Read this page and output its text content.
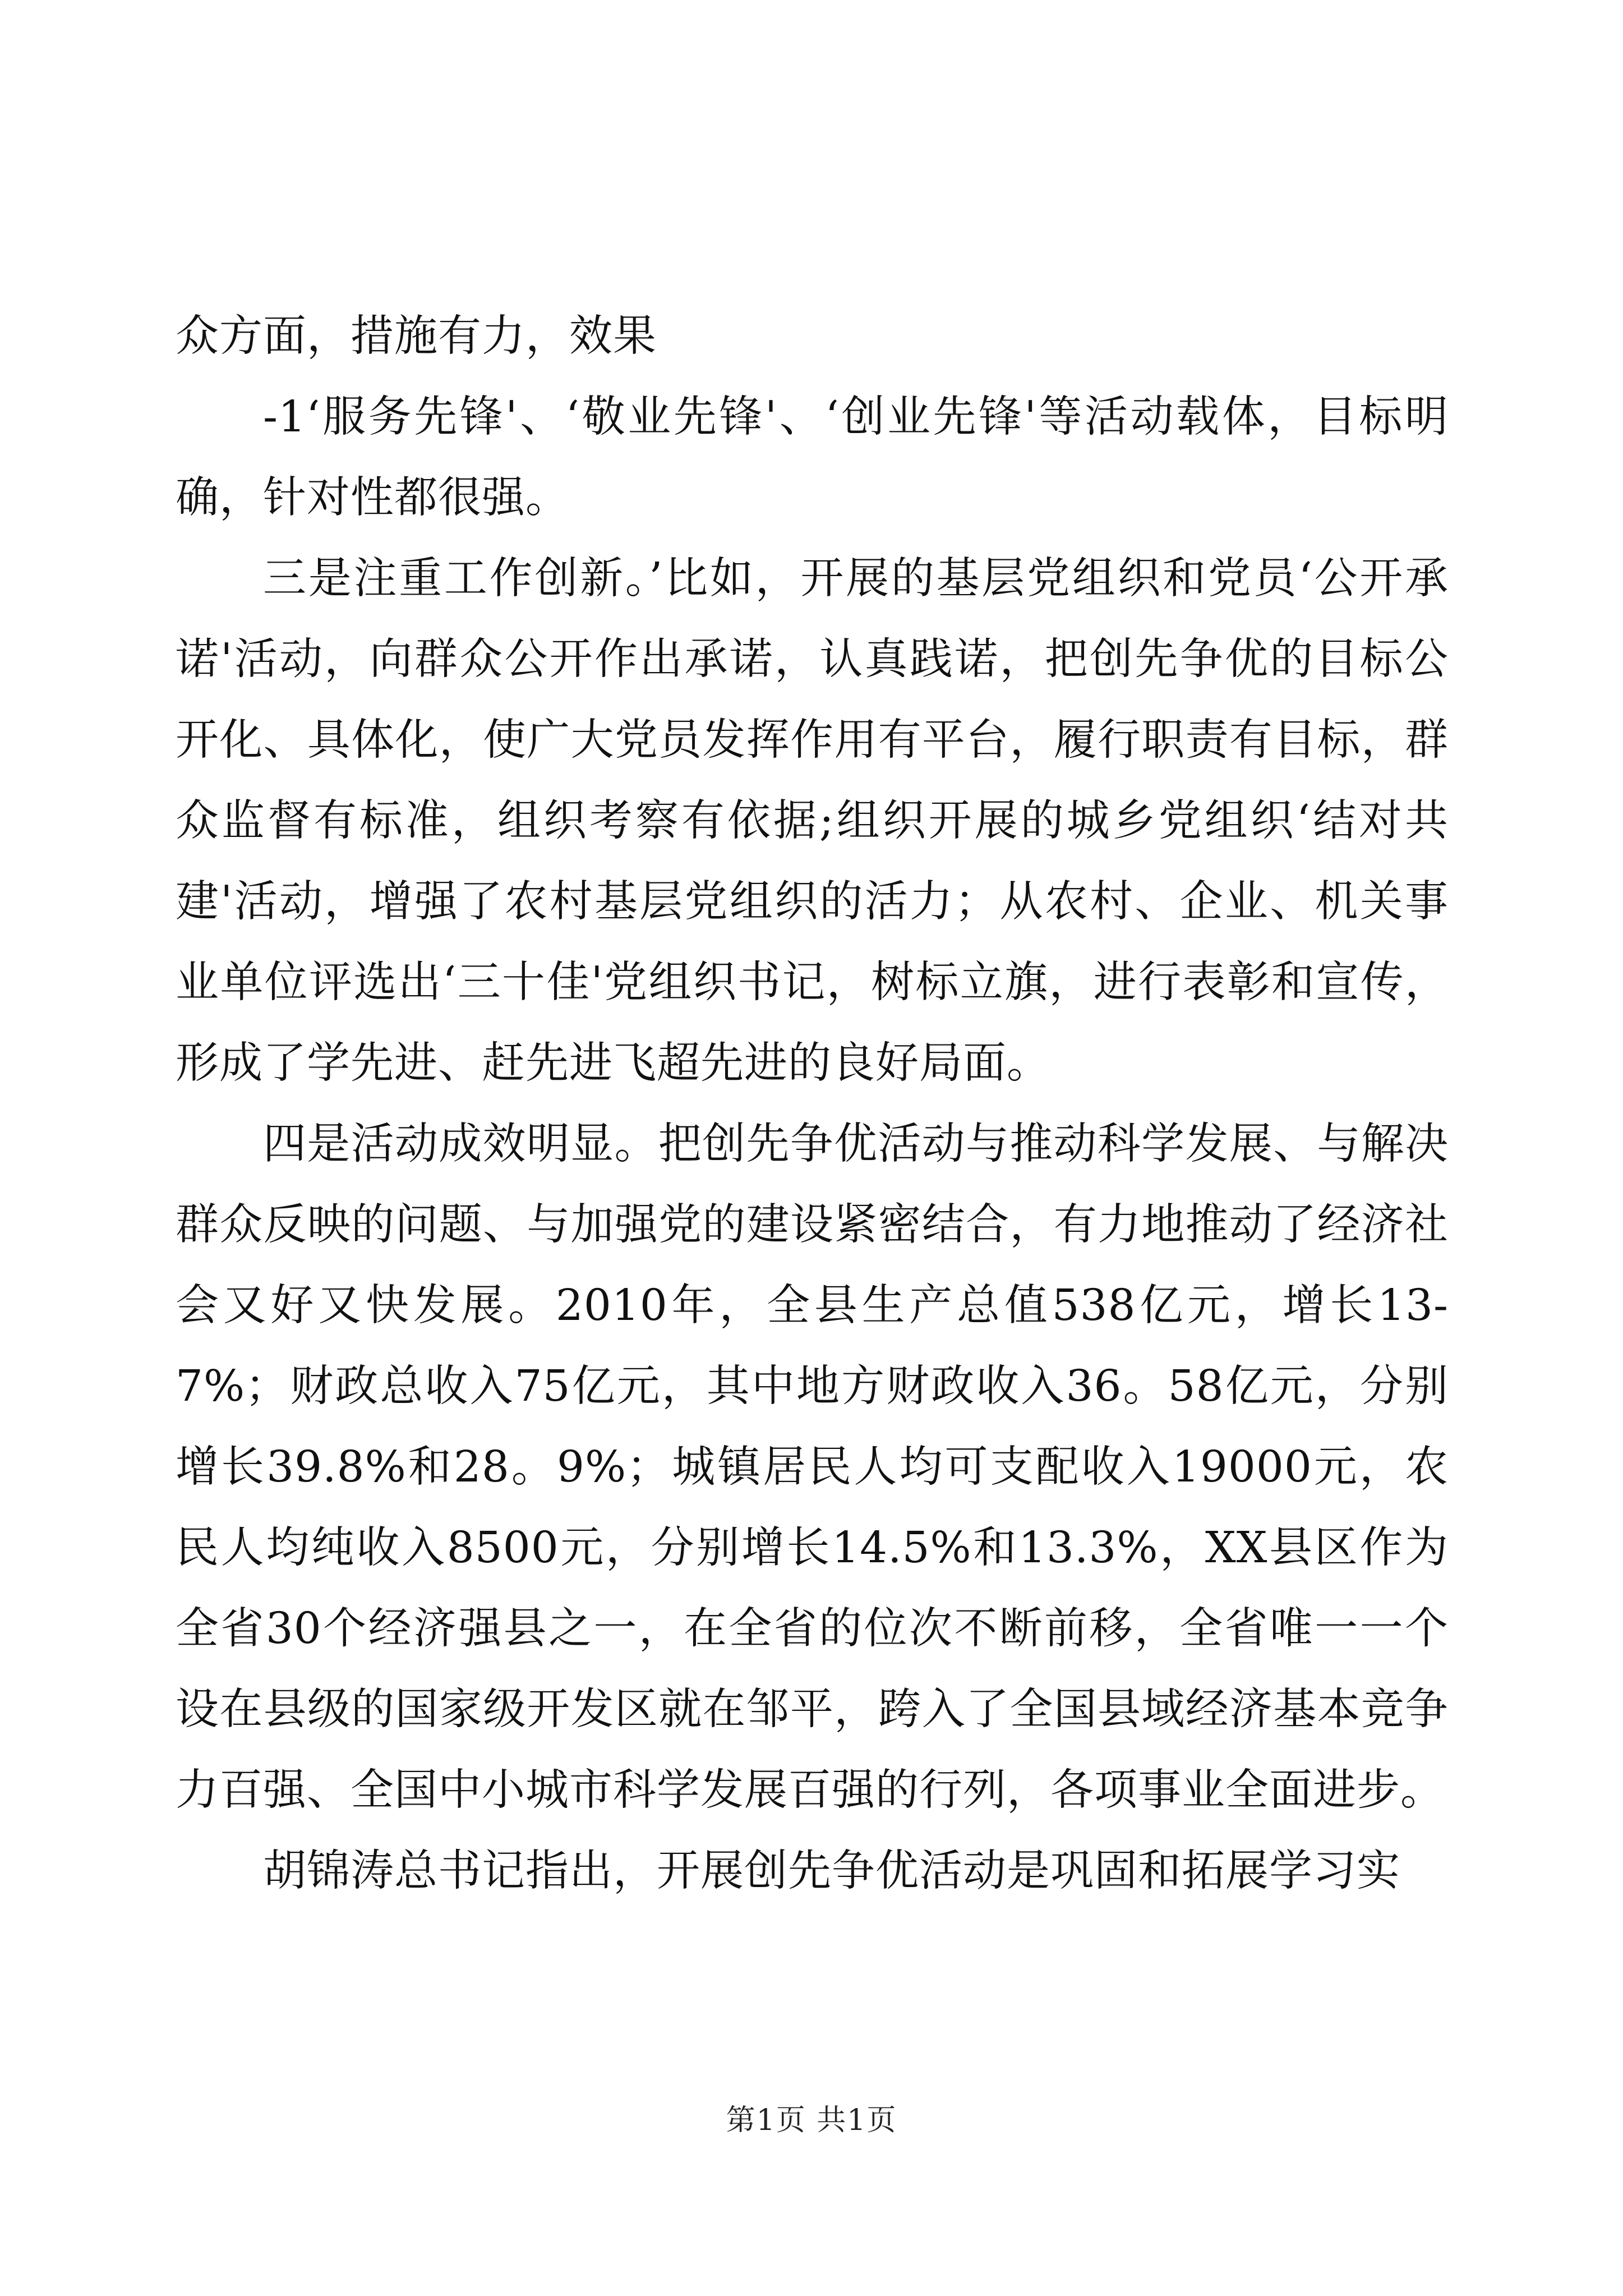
众方面，措施有力，效果

-1‘服务先锋'、‘敬业先锋'、‘创业先锋'等活动载体，目标明确，针对性都很强。

三是注重工作创新。’比如，开展的基层党组织和党员‘公开承诺'活动，向群众公开作出承诺，认真践诺，把创先争优的目标公开化、具体化，使广大党员发挥作用有平台，履行职责有目标，群众监督有标准，组织考察有依据;组织开展的城乡党组织‘结对共建'活动，增强了农村基层党组织的活力；从农村、企业、机关事业单位评选出‘三十佳'党组织书记，树标立旗，进行表彰和宣传，形成了学先进、赶先进飞超先进的良好局面。

四是活动成效明显。把创先争优活动与推动科学发展、与解决群众反映的问题、与加强党的建设紧密结合，有力地推动了经济社会又好又快发展。2010年，全县生产总值538亿元，增长13-7%；财政总收入75亿元，其中地方财政收入36。58亿元，分别增长39.8%和28。9%；城镇居民人均可支配收入19000元，农民人均纯收入8500元，分别增长14.5%和13.3%，XX县区作为全省30个经济强县之一，在全省的位次不断前移，全省唯一一个设在县级的国家级开发区就在邹平，跨入了全国县域经济基本竞争力百强、全国中小城市科学发展百强的行列，各项事业全面进步。

胡锦涛总书记指出，开展创先争优活动是巩固和拓展学习实

第1页 共1页
